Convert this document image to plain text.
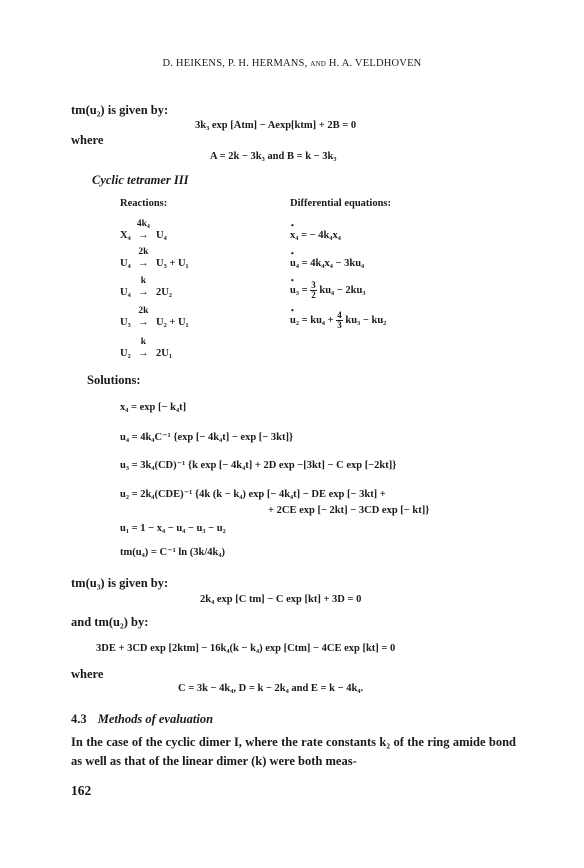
D. HEIKENS, P. H. HERMANS, and H. A. VELDHOVEN
tm(u₂) is given by:
3k₃ exp [Atm] − Aexp[ktm] + 2B = 0
where
A = 2k − 3k₃ and B = k − 3k₃
Cyclic tetramer III
Reactions:	Differential equations:
X₄
4k₄
→ U₄
U₄
2k
→ U₃ + U₁
U₄
k
→ 2U₂
U₃
2k
→ U₂ + U₁
U₂
k
→ 2U₁
• x₄ = − 4k₄x₄
• u₄ = 4k₄x₄ − 3ku₄
• $u_3 = \frac{3}{2} ku_4 - 2ku_3$
• $u_2 = ku_4 + \frac{4}{3} ku_3 - ku_2$
Solutions:
x₄ = exp [− k₄t]
u₄ = 4k₄C⁻¹ {exp [− 4k₄t] − exp [− 3kt]}
u₃ = 3k₄(CD)⁻¹ {k exp [− 4k₄t] + 2D exp −[3kt] − C exp [−2kt]}
u₂ = 2k₄(CDE)⁻¹ {4k (k − k₄) exp [− 4k₄t] − DE exp [− 3kt] +
+ 2CE exp [− 2kt] − 3CD exp [− kt]}
u₁ = 1 − x₄ − u₄ − u₃ − u₂
tm(u₄) = C⁻¹ ln (3k/4k₄)
tm(u₃) is given by:
2k₄ exp [C tm] − C exp [kt] + 3D = 0
and tm(u₂) by:
3DE + 3CD exp [2ktm] − 16k₄(k − k₄) exp [Ctm] − 4CE exp [kt] = 0
where
C = 3k − 4k₄, D = k − 2k₄ and E = k − 4k₄.
4.3 Methods of evaluation
In the case of the cyclic dimer I, where the rate constants k₂ of the ring amide bond as well as that of the linear dimer (k) were both meas-
162
